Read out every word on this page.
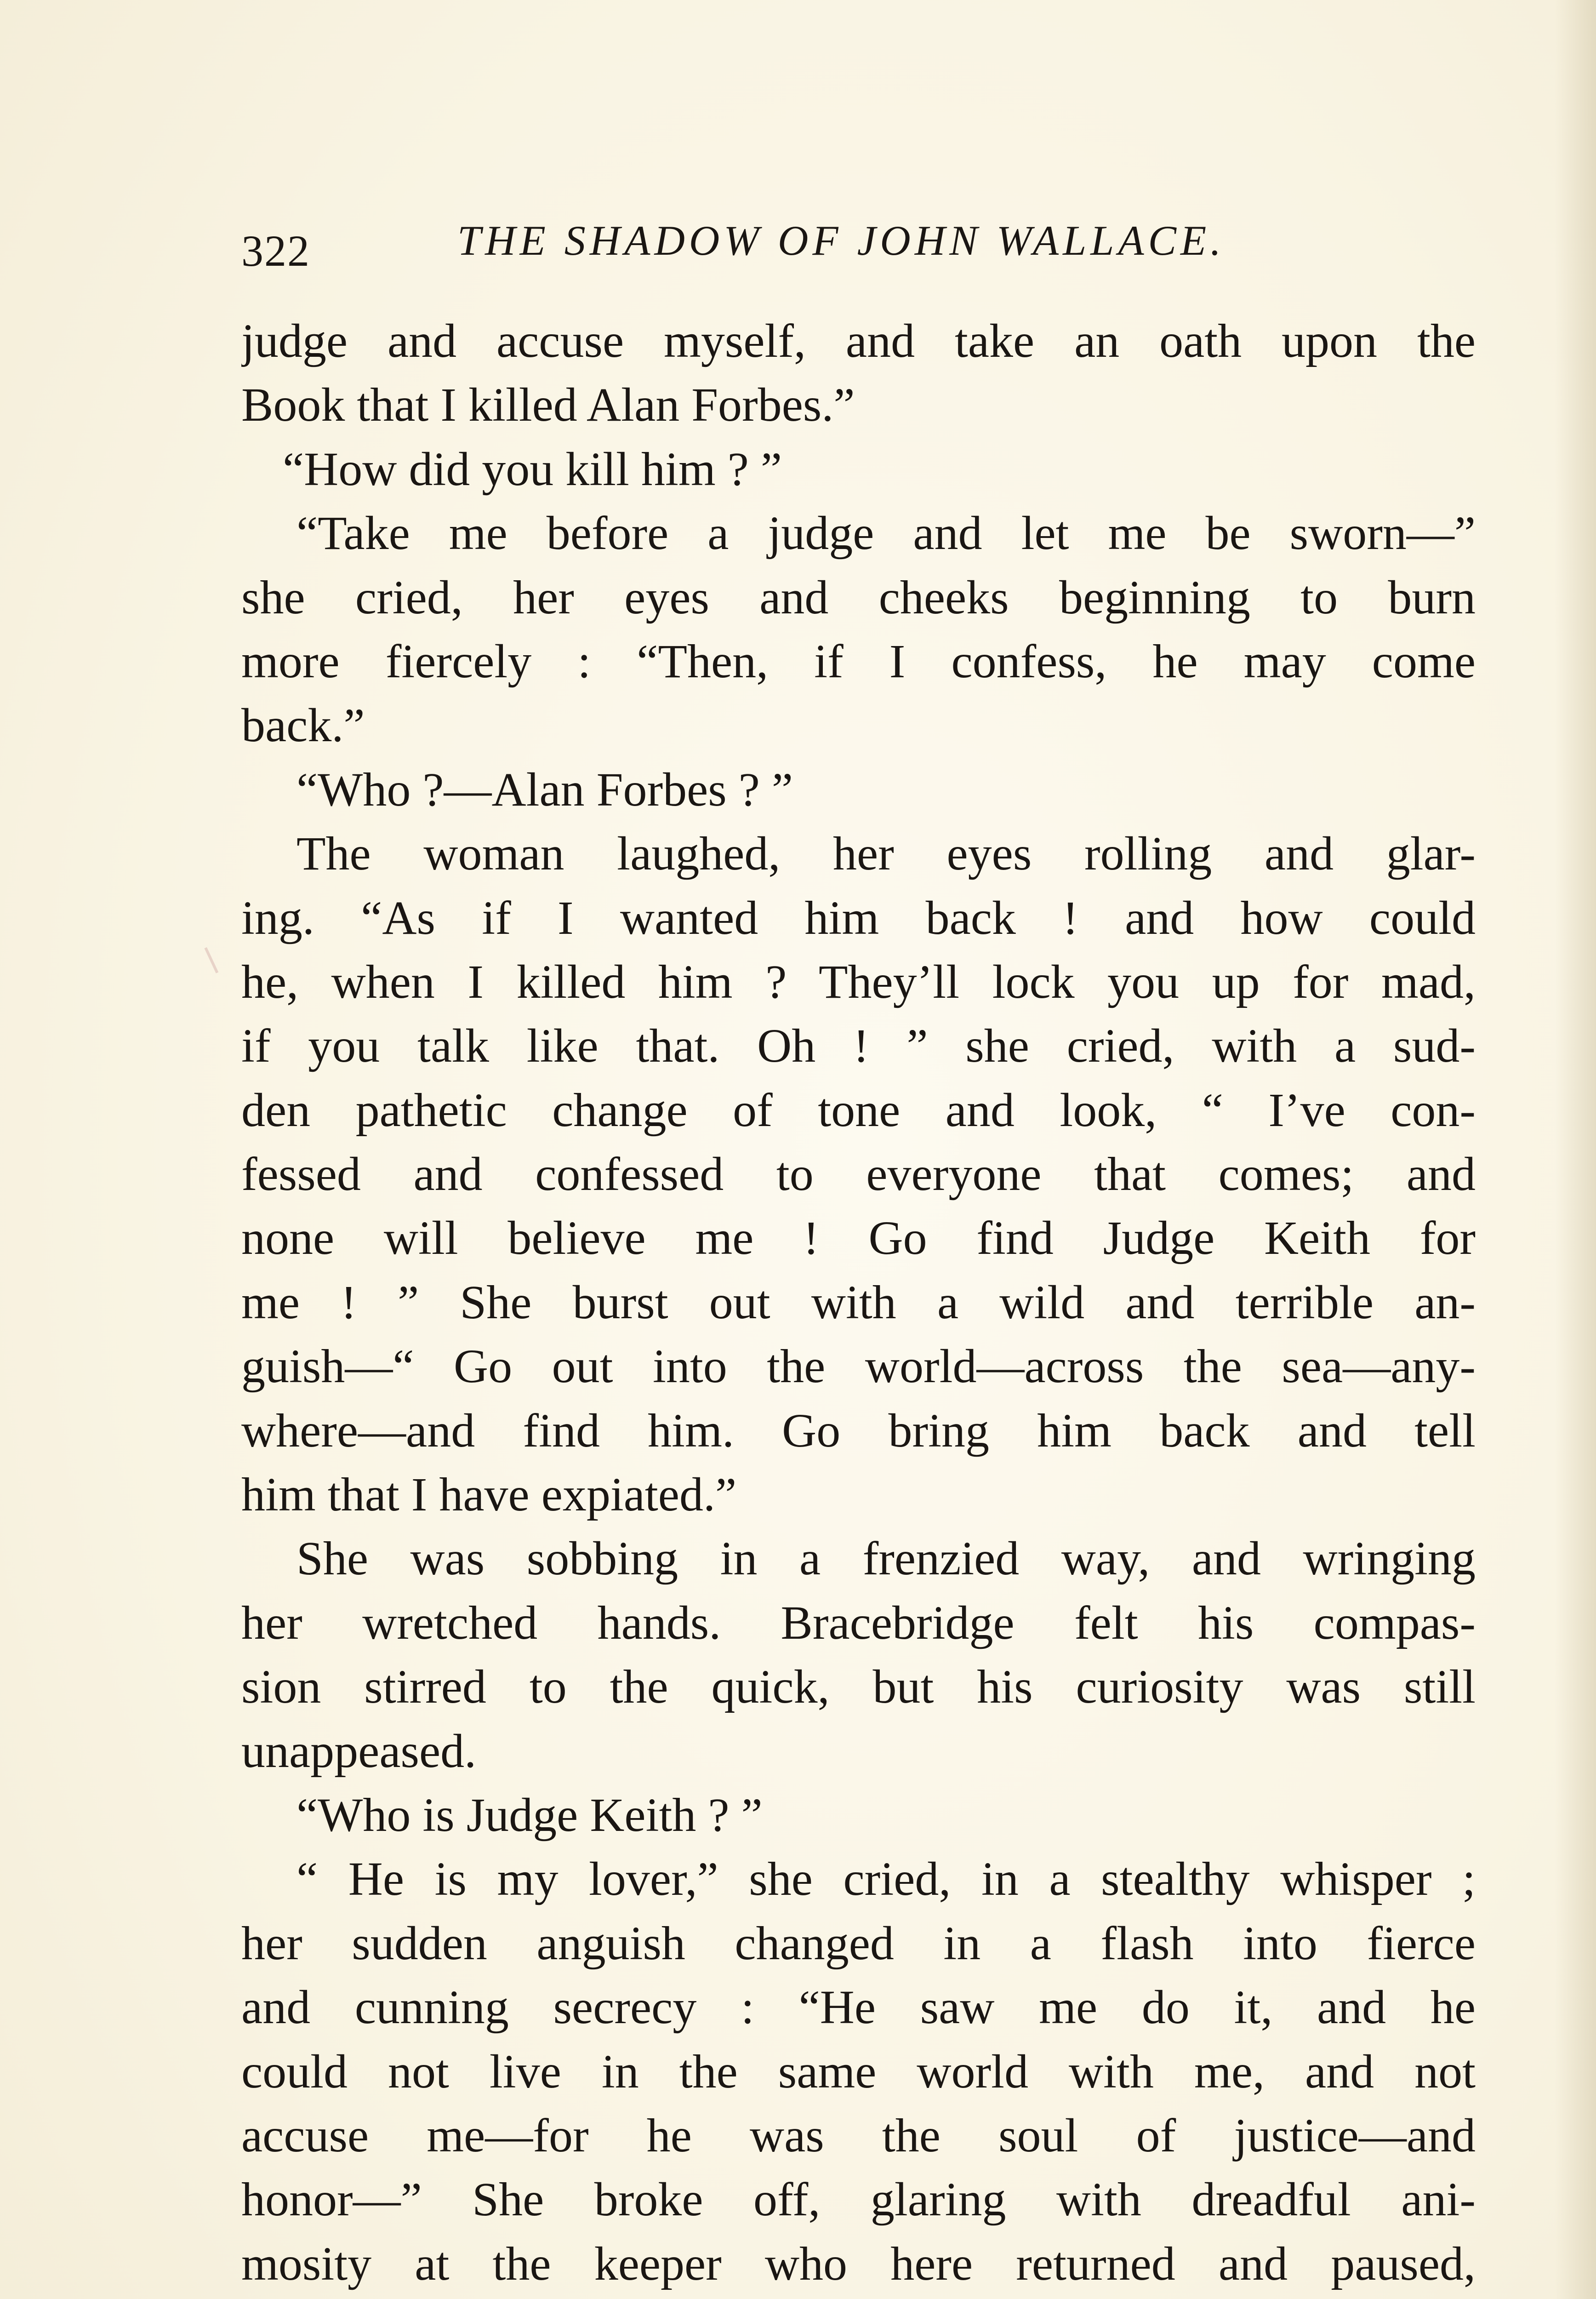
322	THE SHADOW OF JOHN WALLACE.
judge and accuse myself, and take an oath upon the
Book that I killed Alan Forbes.”
“How did you kill him ? ”
“Take me before a judge and let me be sworn—”
she cried, her eyes and cheeks beginning to burn
more fiercely : “Then, if I confess, he may come
back.”
“Who ?—Alan Forbes ? ”
The woman laughed, her eyes rolling and glar-
ing. “As if I wanted him back ! and how could
he, when I killed him ? They’ll lock you up for mad,
if you talk like that. Oh ! ” she cried, with a sud-
den pathetic change of tone and look, “ I’ve con-
fessed and confessed to everyone that comes; and
none will believe me ! Go find Judge Keith for
me ! ” She burst out with a wild and terrible an-
guish—“ Go out into the world—across the sea—any-
where—and find him. Go bring him back and tell
him that I have expiated.”
She was sobbing in a frenzied way, and wringing
her wretched hands. Bracebridge felt his compas-
sion stirred to the quick, but his curiosity was still
unappeased.
“Who is Judge Keith ? ”
“ He is my lover,” she cried, in a stealthy whisper ;
her sudden anguish changed in a flash into fierce
and cunning secrecy : “He saw me do it, and he
could not live in the same world with me, and not
accuse me—for he was the soul of justice—and
honor—” She broke off, glaring with dreadful ani-
mosity at the keeper who here returned and paused,
